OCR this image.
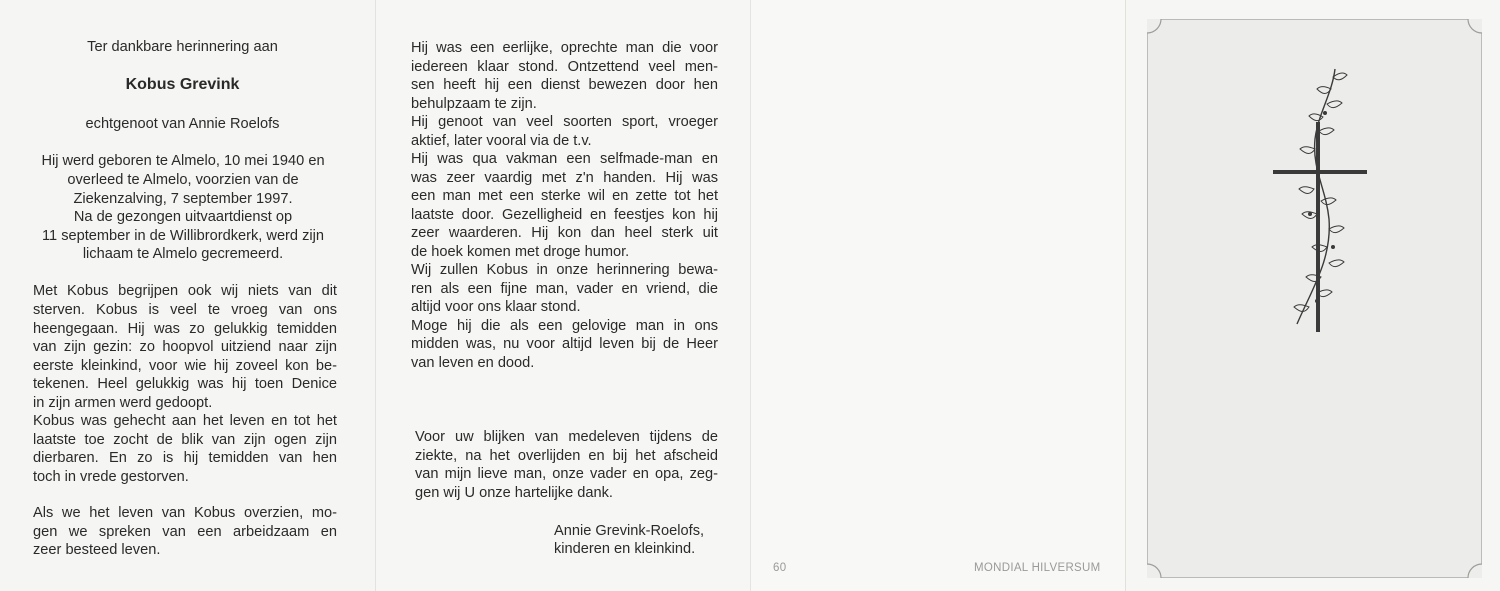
Ter dankbare herinnering aan
Kobus Grevink
echtgenoot van Annie Roelofs
Hij werd geboren te Almelo, 10 mei 1940 en
overleed te Almelo, voorzien van de
Ziekenzalving, 7 september 1997.
Na de gezongen uitvaartdienst op
11 september in de Willibrordkerk, werd zijn
lichaam te Almelo gecremeerd.
Met Kobus begrijpen ook wij niets van dit
sterven. Kobus is veel te vroeg van ons
heengegaan. Hij was zo gelukkig temidden
van zijn gezin: zo hoopvol uitziend naar zijn
eerste kleinkind, voor wie hij zoveel kon be-
tekenen. Heel gelukkig was hij toen Denice
in zijn armen werd gedoopt.
Kobus was gehecht aan het leven en tot het
laatste toe zocht de blik van zijn ogen zijn
dierbaren. En zo is hij temidden van hen
toch in vrede gestorven.
Als we het leven van Kobus overzien, mo-
gen we spreken van een arbeidzaam en
zeer besteed leven.
Hij was een eerlijke, oprechte man die voor
iedereen klaar stond. Ontzettend veel men-
sen heeft hij een dienst bewezen door hen
behulpzaam te zijn.
Hij genoot van veel soorten sport, vroeger
aktief, later vooral via de t.v.
Hij was qua vakman een selfmade-man en
was zeer vaardig met z'n handen. Hij was
een man met een sterke wil en zette tot het
laatste door. Gezelligheid en feestjes kon hij
zeer waarderen. Hij kon dan heel sterk uit
de hoek komen met droge humor.
Wij zullen Kobus in onze herinnering bewa-
ren als een fijne man, vader en vriend, die
altijd voor ons klaar stond.
Moge hij die als een gelovige man in ons
midden was, nu voor altijd leven bij de Heer
van leven en dood.
Voor uw blijken van medeleven tijdens de
ziekte, na het overlijden en bij het afscheid
van mijn lieve man, onze vader en opa, zeg-
gen wij U onze hartelijke dank.
Annie Grevink-Roelofs,
kinderen en kleinkind.
60	MONDIAL HILVERSUM
